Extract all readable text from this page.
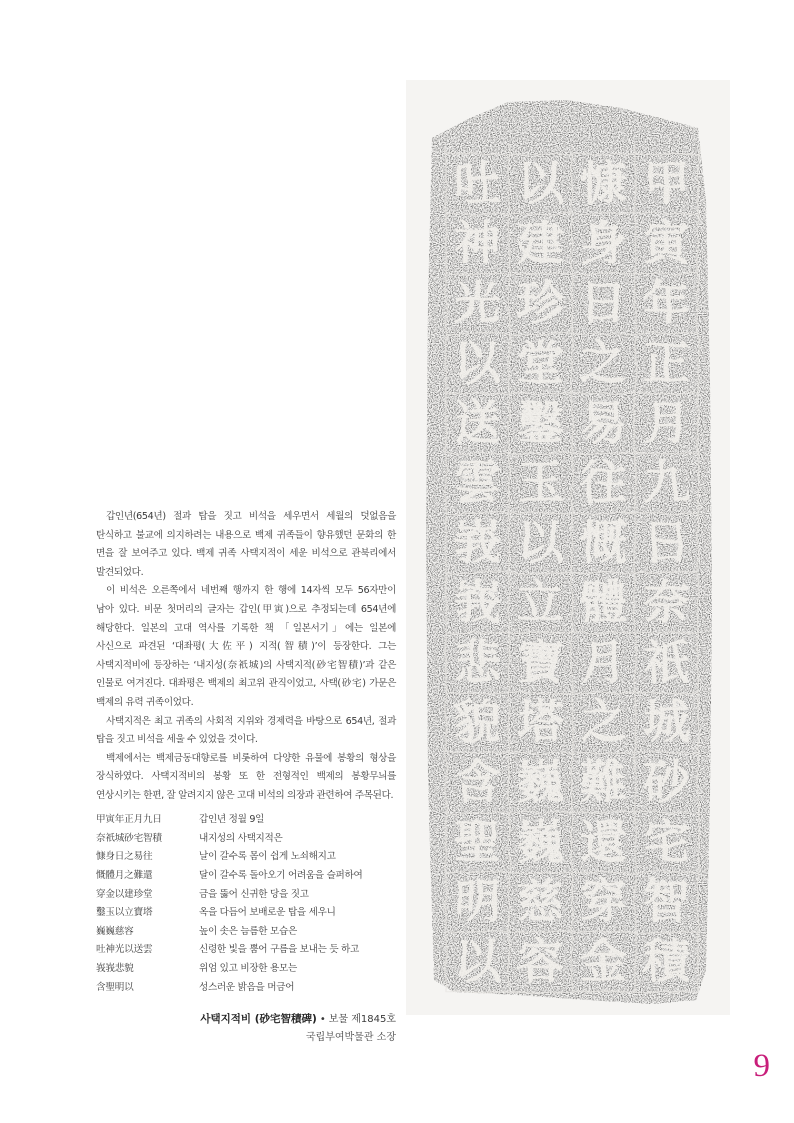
갑인년(654년) 절과 탑을 짓고 비석을 세우면서 세월의 덧없음을 탄식하고 불교에 의지하려는 내용으로 백제 귀족들이 향유했던 문화의 한 면을 잘 보여주고 있다. 백제 귀족 사택지적이 세운 비석으로 관북리에서 발견되었다.

이 비석은 오른쪽에서 네번째 행까지 한 행에 14자씩 모두 56자만이 남아 있다. 비문 첫머리의 글자는 갑인(甲寅)으로 추정되는데 654년에 해당한다. 일본의 고대 역사를 기록한 책 「일본서기」에는 일본에 사신으로 파견된 ‘대좌평(大佐平) 지적(智積)’이 등장한다. 그는 사택지적비에 등장하는 ‘내지성(奈祇城)의 사택지적(砂宅智積)’과 같은 인물로 여겨진다. 대좌평은 백제의 최고위 관직이었고, 사택(砂宅) 가문은 백제의 유력 귀족이었다.

사택지적은 최고 귀족의 사회적 지위와 경제력을 바탕으로 654년, 절과 탑을 짓고 비석을 세울 수 있었을 것이다.

백제에서는 백제금동대향로를 비롯하여 다양한 유물에 봉황의 형상을 장식하였다. 사택지적비의 봉황 또 한 전형적인 백제의 봉황무늬를 연상시키는 한편, 잘 알려지지 않은 고대 비석의 의장과 관련하여 주목된다.

甲寅年正月九日	갑인년 정월 9일
奈祇城砂宅智積	내지성의 사택지적은
慷身日之易往	날이 갈수록 몸이 쉽게 노쇠해지고
慨體月之難還	달이 갈수록 돌아오기 어려움을 슬퍼하여
穿金以建珍堂	금을 뚫어 신귀한 당을 짓고
鑿玉以立寶塔	옥을 다듬어 보배로운 탑을 세우니
巍巍慈容	높이 솟은 늠름한 모습은
吐神光以送雲	신령한 빛을 뿜어 구름을 보내는 듯 하고
峩峩悲貌	위엄 있고 비장한 용모는
含聖明以	성스러운 밝음을 머금어
사택지적비 (砂宅智積碑) • 보물 제1845호
국립부여박물관 소장
甲
寅
年
正
月
九
日
奈
祇
城
砂
宅
智
積
慷
身
日
之
易
往
慨
體
月
之
難
還
穿
金
以
建
珍
堂
鑿
玉
以
立
寶
塔
巍
巍
慈
容
吐
神
光
以
送
雲
峩
峩
悲
貌
含
聖
明
以
9
